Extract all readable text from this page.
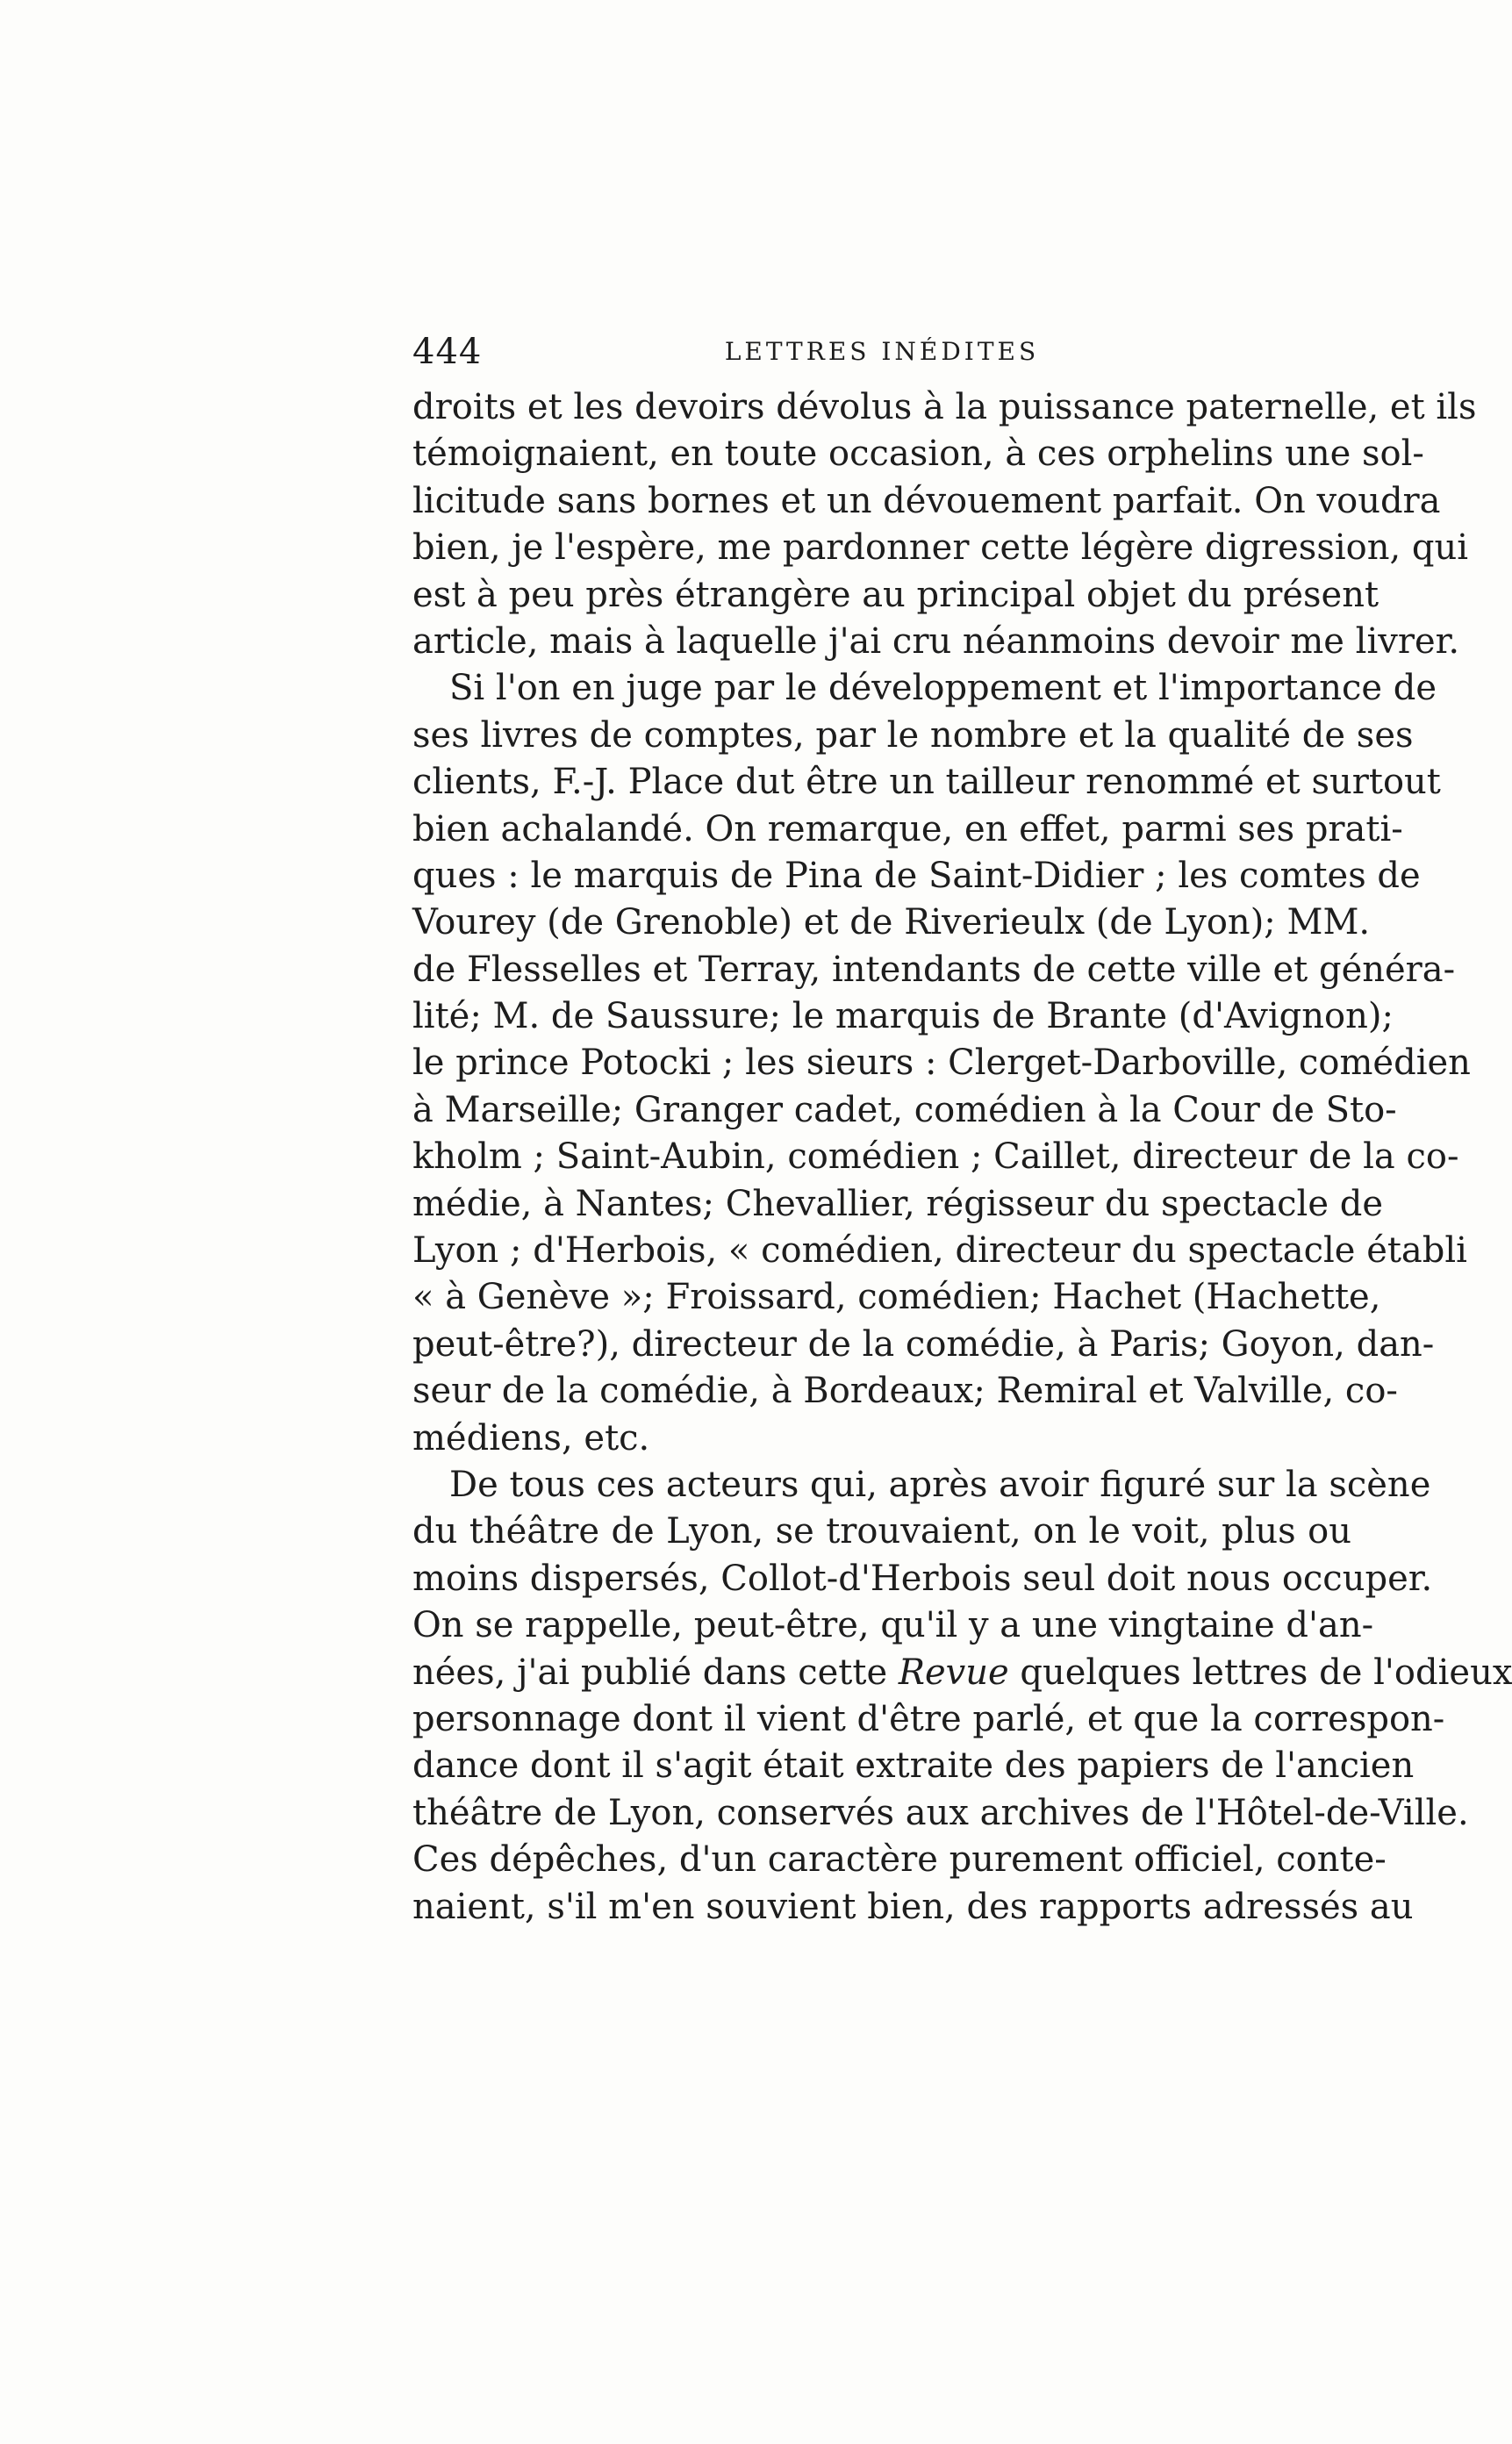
444	LETTRES INÉDITES
droits et les devoirs dévolus à la puissance paternelle, et ils
témoignaient, en toute occasion, à ces orphelins une sol-
licitude sans bornes et un dévouement parfait. On voudra
bien, je l'espère, me pardonner cette légère digression, qui
est à peu près étrangère au principal objet du présent
article, mais à laquelle j'ai cru néanmoins devoir me livrer.
Si l'on en juge par le développement et l'importance de
ses livres de comptes, par le nombre et la qualité de ses
clients, F.-J. Place dut être un tailleur renommé et surtout
bien achalandé. On remarque, en effet, parmi ses prati-
ques : le marquis de Pina de Saint-Didier ; les comtes de
Vourey (de Grenoble) et de Riverieulx (de Lyon); MM.
de Flesselles et Terray, intendants de cette ville et généra-
lité; M. de Saussure; le marquis de Brante (d'Avignon);
le prince Potocki ; les sieurs : Clerget-Darboville, comédien
à Marseille; Granger cadet, comédien à la Cour de Sto-
kholm ; Saint-Aubin, comédien ; Caillet, directeur de la co-
médie, à Nantes; Chevallier, régisseur du spectacle de
Lyon ; d'Herbois, « comédien, directeur du spectacle établi
« à Genève »; Froissard, comédien; Hachet (Hachette,
peut-être?), directeur de la comédie, à Paris; Goyon, dan-
seur de la comédie, à Bordeaux; Remiral et Valville, co-
médiens, etc.
De tous ces acteurs qui, après avoir figuré sur la scène
du théâtre de Lyon, se trouvaient, on le voit, plus ou
moins dispersés, Collot-d'Herbois seul doit nous occuper.
On se rappelle, peut-être, qu'il y a une vingtaine d'an-
nées, j'ai publié dans cette Revue quelques lettres de l'odieux
personnage dont il vient d'être parlé, et que la correspon-
dance dont il s'agit était extraite des papiers de l'ancien
théâtre de Lyon, conservés aux archives de l'Hôtel-de-Ville.
Ces dépêches, d'un caractère purement officiel, conte-
naient, s'il m'en souvient bien, des rapports adressés au
